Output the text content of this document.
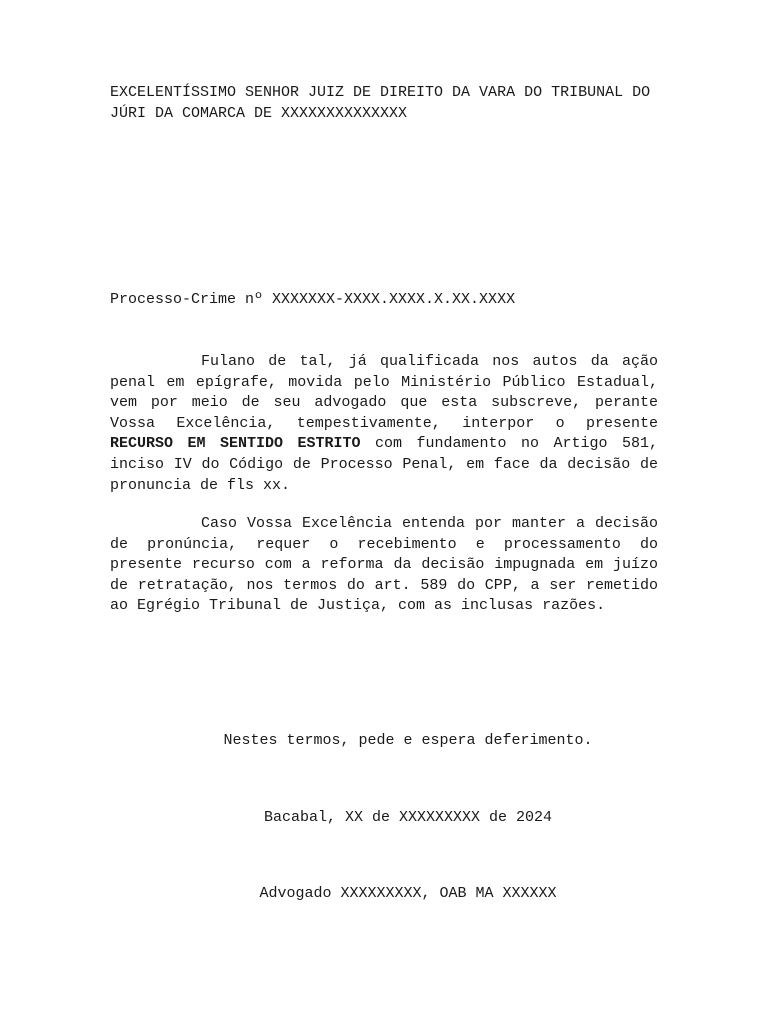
EXCELENTÍSSIMO SENHOR JUIZ DE DIREITO DA VARA DO TRIBUNAL DO JÚRI DA COMARCA DE XXXXXXXXXXXXXX

Processo-Crime nº XXXXXXX-XXXX.XXXX.X.XX.XXXX

Fulano de tal, já qualificada nos autos da ação penal em epígrafe, movida pelo Ministério Público Estadual, vem por meio de seu advogado que esta subscreve, perante Vossa Excelência, tempestivamente, interpor o presente RECURSO EM SENTIDO ESTRITO com fundamento no Artigo 581, inciso IV do Código de Processo Penal, em face da decisão de pronuncia de fls xx.

Caso Vossa Excelência entenda por manter a decisão de pronúncia, requer o recebimento e processamento do presente recurso com a reforma da decisão impugnada em juízo de retratação, nos termos do art. 589 do CPP, a ser remetido ao Egrégio Tribunal de Justiça, com as inclusas razões.

Nestes termos, pede e espera deferimento.

Bacabal, XX de XXXXXXXXX de 2024

Advogado XXXXXXXXX, OAB MA XXXXXX
